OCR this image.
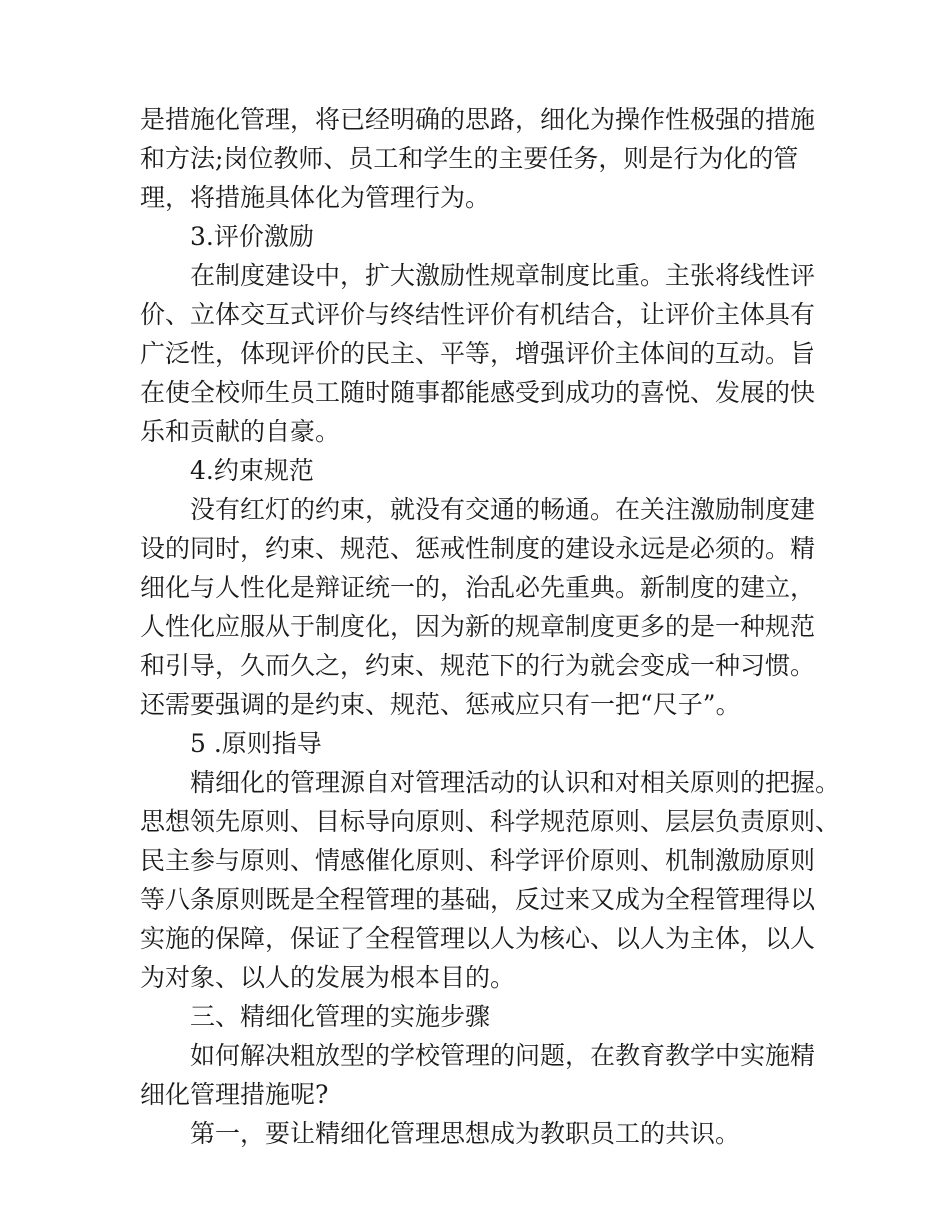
是措施化管理，将已经明确的思路，细化为操作性极强的措施

和方法;岗位教师、员工和学生的主要任务，则是行为化的管

理，将措施具体化为管理行为。

3.评价激励

在制度建设中，扩大激励性规章制度比重。主张将线性评

价、立体交互式评价与终结性评价有机结合，让评价主体具有

广泛性，体现评价的民主、平等，增强评价主体间的互动。旨

在使全校师生员工随时随事都能感受到成功的喜悦、发展的快

乐和贡献的自豪。

4.约束规范

没有红灯的约束，就没有交通的畅通。在关注激励制度建

设的同时，约束、规范、惩戒性制度的建设永远是必须的。精

细化与人性化是辩证统一的，治乱必先重典。新制度的建立，

人性化应服从于制度化，因为新的规章制度更多的是一种规范

和引导，久而久之，约束、规范下的行为就会变成一种习惯。

还需要强调的是约束、规范、惩戒应只有一把“尺子”。

5 .原则指导

精细化的管理源自对管理活动的认识和对相关原则的把握。

思想领先原则、目标导向原则、科学规范原则、层层负责原则、

民主参与原则、情感催化原则、科学评价原则、机制激励原则

等八条原则既是全程管理的基础，反过来又成为全程管理得以

实施的保障，保证了全程管理以人为核心、以人为主体，以人

为对象、以人的发展为根本目的。

三、精细化管理的实施步骤

如何解决粗放型的学校管理的问题，在教育教学中实施精

细化管理措施呢?

第一，要让精细化管理思想成为教职员工的共识。
